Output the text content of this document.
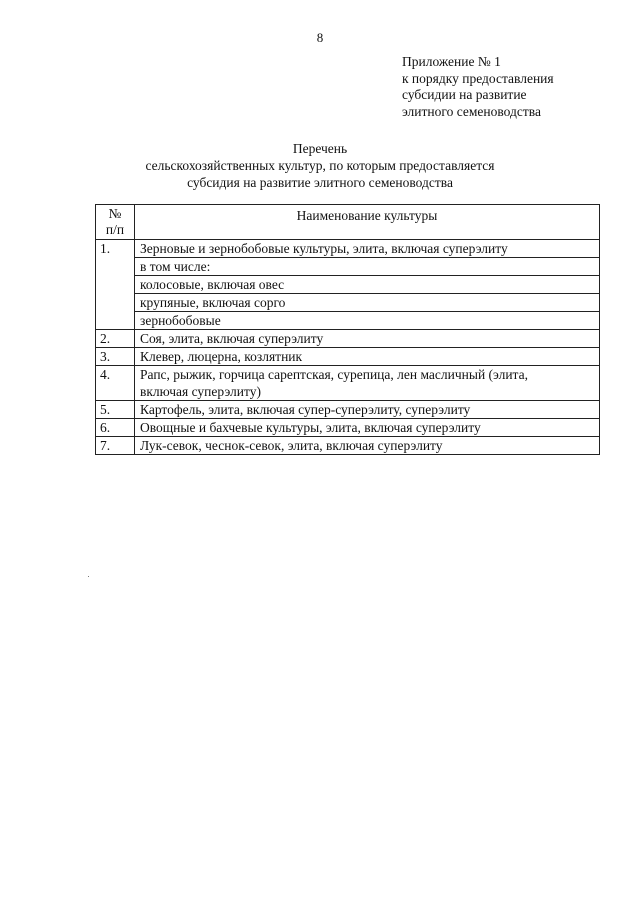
8
Приложение № 1
к порядку предоставления
субсидии на развитие
элитного семеноводства
Перечень
сельскохозяйственных культур, по которым предоставляется
субсидия на развитие элитного семеноводства
№
п/п	Наименование культуры
1.	Зерновые и зернобобовые культуры, элита, включая суперэлиту
	в том числе:
	колосовые, включая овес
	крупяные, включая сорго
	зернобобовые
2.	Соя, элита, включая суперэлиту
3.	Клевер, люцерна, козлятник
4.	Рапс, рыжик, горчица сарептская, сурепица, лен масличный (элита,
включая суперэлиту)

5.	Картофель, элита, включая супер-суперэлиту, суперэлиту
6.	Овощные и бахчевые культуры, элита, включая суперэлиту
7.	Лук-севок, чеснок-севок, элита, включая суперэлиту
